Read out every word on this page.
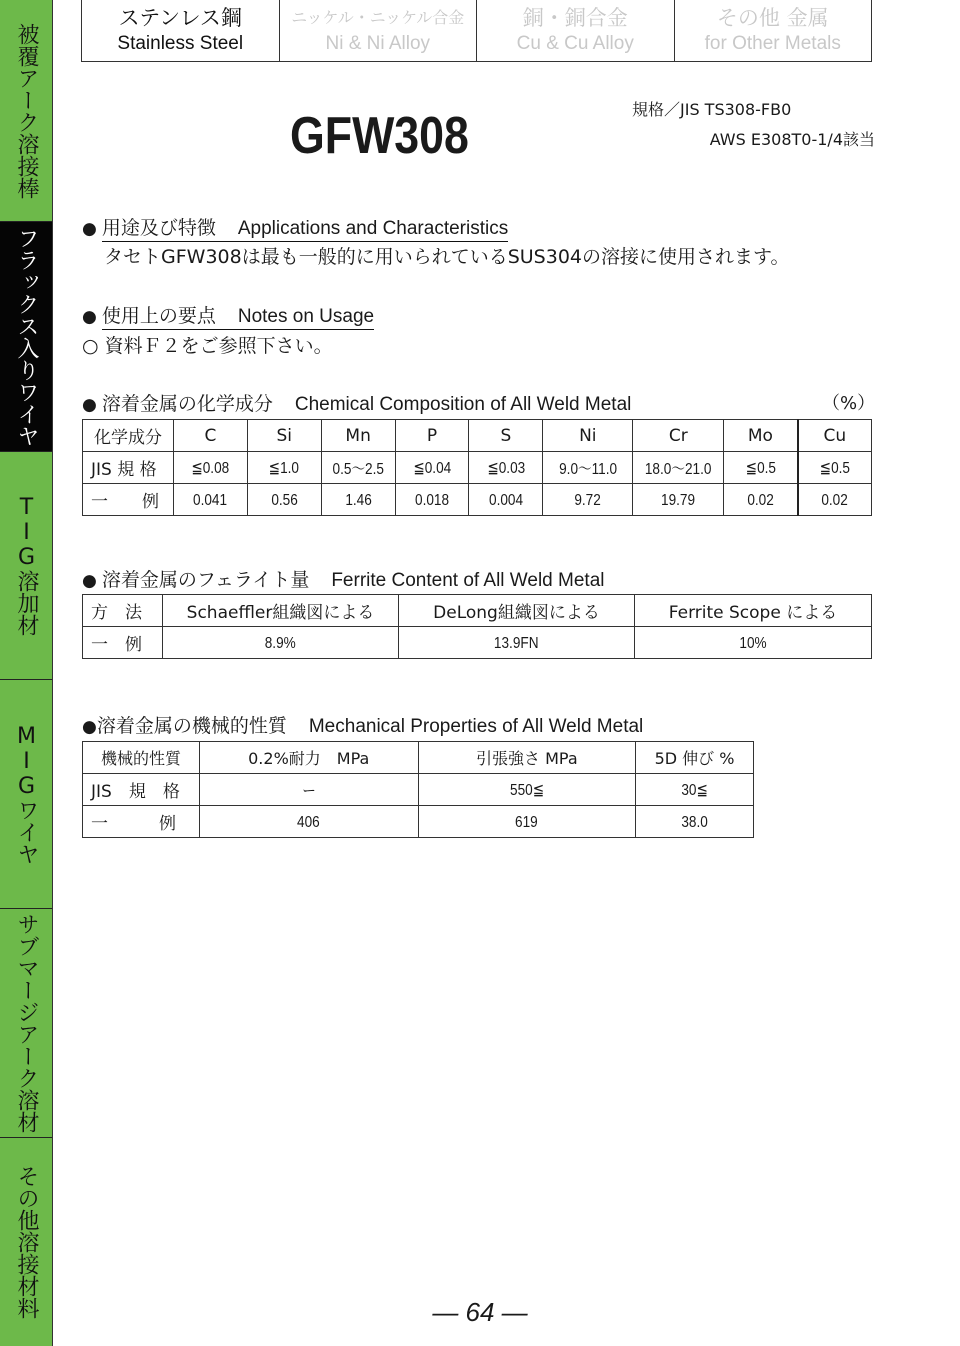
被覆アーク溶接棒
フラックス入りワイヤ
TIG溶加材
MIGワイヤ
サブマージアーク溶材
その他溶接材料
ステンレス鋼
Stainless Steel
ニッケル・ニッケル合金
Ni & Ni Alloy
銅・銅合金
Cu & Cu Alloy
その他 金属
for Other Metals
GFW308	規格／JIS TS308-FB0
AWS E308T0-1/4該当
● 用途及び特徴 Applications and Characteristics
タセトGFW308は最も一般的に用いられているSUS304の溶接に使用されます。
● 使用上の要点 Notes on Usage
○ 資料Ｆ２をご参照下さい。
● 溶着金属の化学成分 Chemical Composition of All Weld Metal	（%）
化学成分	C	Si	Mn	P	S	Ni	Cr	Mo	Cu
JIS 規 格	≦0.08	≦1.0	0.5〜2.5	≦0.04	≦0.03	9.0〜11.0	18.0〜21.0	≦0.5	≦0.5
一　　例	0.041	0.56	1.46	0.018	0.004	9.72	19.79	0.02	0.02
● 溶着金属のフェライト量 Ferrite Content of All Weld Metal
方　法	Schaeffler組織図による	DeLong組織図による	Ferrite Scope による
一　例	8.9%	13.9FN	10%
● 溶着金属の機械的性質 Mechanical Properties of All Weld Metal
機械的性質	0.2%耐力　MPa	引張強さ MPa	5D 伸び %
JIS　規　格	ー	550≦	30≦
一　　　例	406	619	38.0
— 64 —
